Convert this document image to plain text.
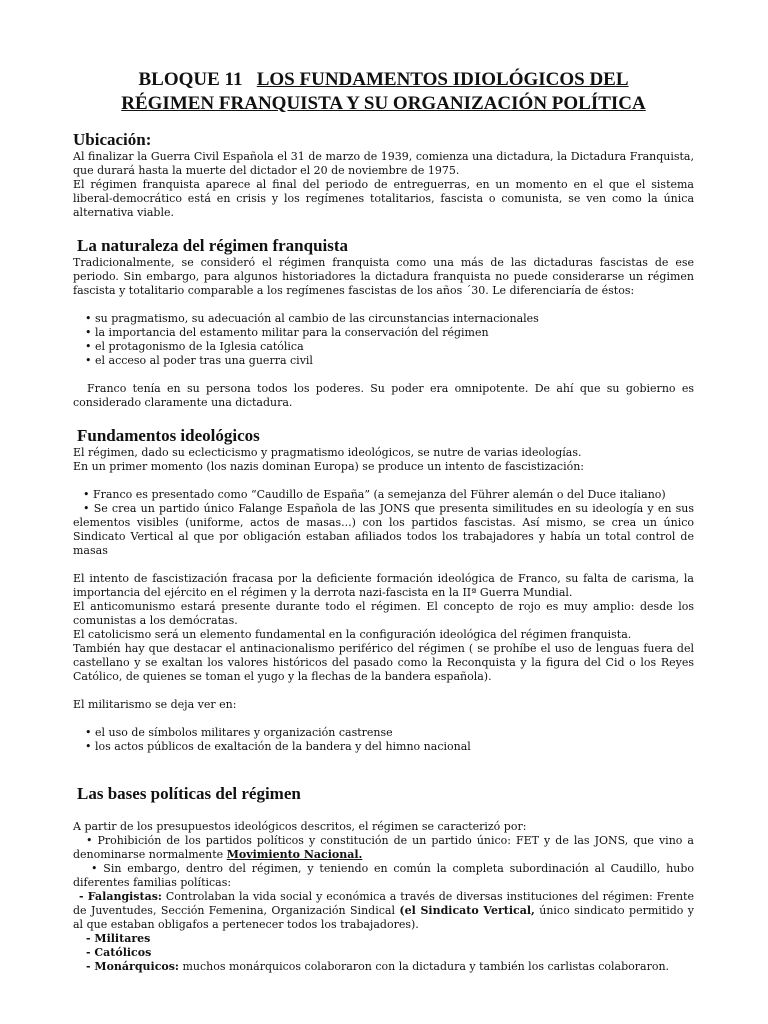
BLOQUE 11 LOS FUNDAMENTOS IDIOLÓGICOS DEL
RÉGIMEN FRANQUISTA Y SU ORGANIZACIÓN POLÍTICA
Ubicación:

Al finalizar la Guerra Civil Española el 31 de marzo de 1939, comienza una dictadura, la Dictadura Franquista, que durará hasta la muerte del dictador el 20 de noviembre de 1975.

El régimen franquista aparece al final del periodo de entreguerras, en un momento en el que el sistema liberal-democrático está en crisis y los regímenes totalitarios, fascista o comunista, se ven como la única alternativa viable.

La naturaleza del régimen franquista

Tradicionalmente, se consideró el régimen franquista como una más de las dictaduras fascistas de ese periodo. Sin embargo, para algunos historiadores la dictadura franquista no puede considerarse un régimen fascista y totalitario comparable a los regímenes fascistas de los años ´30. Le diferenciaría de éstos:

• su pragmatismo, su adecuación al cambio de las circunstancias internacionales

• la importancia del estamento militar para la conservación del régimen

• el protagonismo de la Iglesia católica

• el acceso al poder tras una guerra civil

Franco tenía en su persona todos los poderes. Su poder era omnipotente. De ahí que su gobierno es considerado claramente una dictadura.

Fundamentos ideológicos

El régimen, dado su eclecticismo y pragmatismo ideológicos, se nutre de varias ideologías.

En un primer momento (los nazis dominan Europa) se produce un intento de fascistización:

• Franco es presentado como “Caudillo de España” (a semejanza del Führer alemán o del Duce italiano)

• Se crea un partido único Falange Española de las JONS que presenta similitudes en su ideología y en sus elementos visibles (uniforme, actos de masas...) con los partidos fascistas. Así mismo, se crea un único Sindicato Vertical al que por obligación estaban afiliados todos los trabajadores y había un total control de masas

El intento de fascistización fracasa por la deficiente formación ideológica de Franco, su falta de carisma, la importancia del ejército en el régimen y la derrota nazi-fascista en la IIª Guerra Mundial.

El anticomunismo estará presente durante todo el régimen. El concepto de rojo es muy amplio: desde los comunistas a los demócratas.

El catolicismo será un elemento fundamental en la configuración ideológica del régimen franquista.

También hay que destacar el antinacionalismo periférico del régimen ( se prohíbe el uso de lenguas fuera del castellano y se exaltan los valores históricos del pasado como la Reconquista y la figura del Cid o los Reyes Católico, de quienes se toman el yugo y la flechas de la bandera española).

El militarismo se deja ver en:

• el uso de símbolos militares y organización castrense

• los actos públicos de exaltación de la bandera y del himno nacional

Las bases políticas del régimen

A partir de los presupuestos ideológicos descritos, el régimen se caracterizó por:

• Prohibición de los partidos políticos y constitución de un partido único: FET y de las JONS, que vino a denominarse normalmente Movimiento Nacional.

• Sin embargo, dentro del régimen, y teniendo en común la completa subordinación al Caudillo, hubo diferentes familias políticas:

- Falangistas: Controlaban la vida social y económica a través de diversas instituciones del régimen: Frente de Juventudes, Sección Femenina, Organización Sindical (el Sindicato Vertical, único sindicato permitido y al que estaban obligafos a pertenecer todos los trabajadores).

- Militares

- Católicos

- Monárquicos: muchos monárquicos colaboraron con la dictadura y también los carlistas colaboraron.
